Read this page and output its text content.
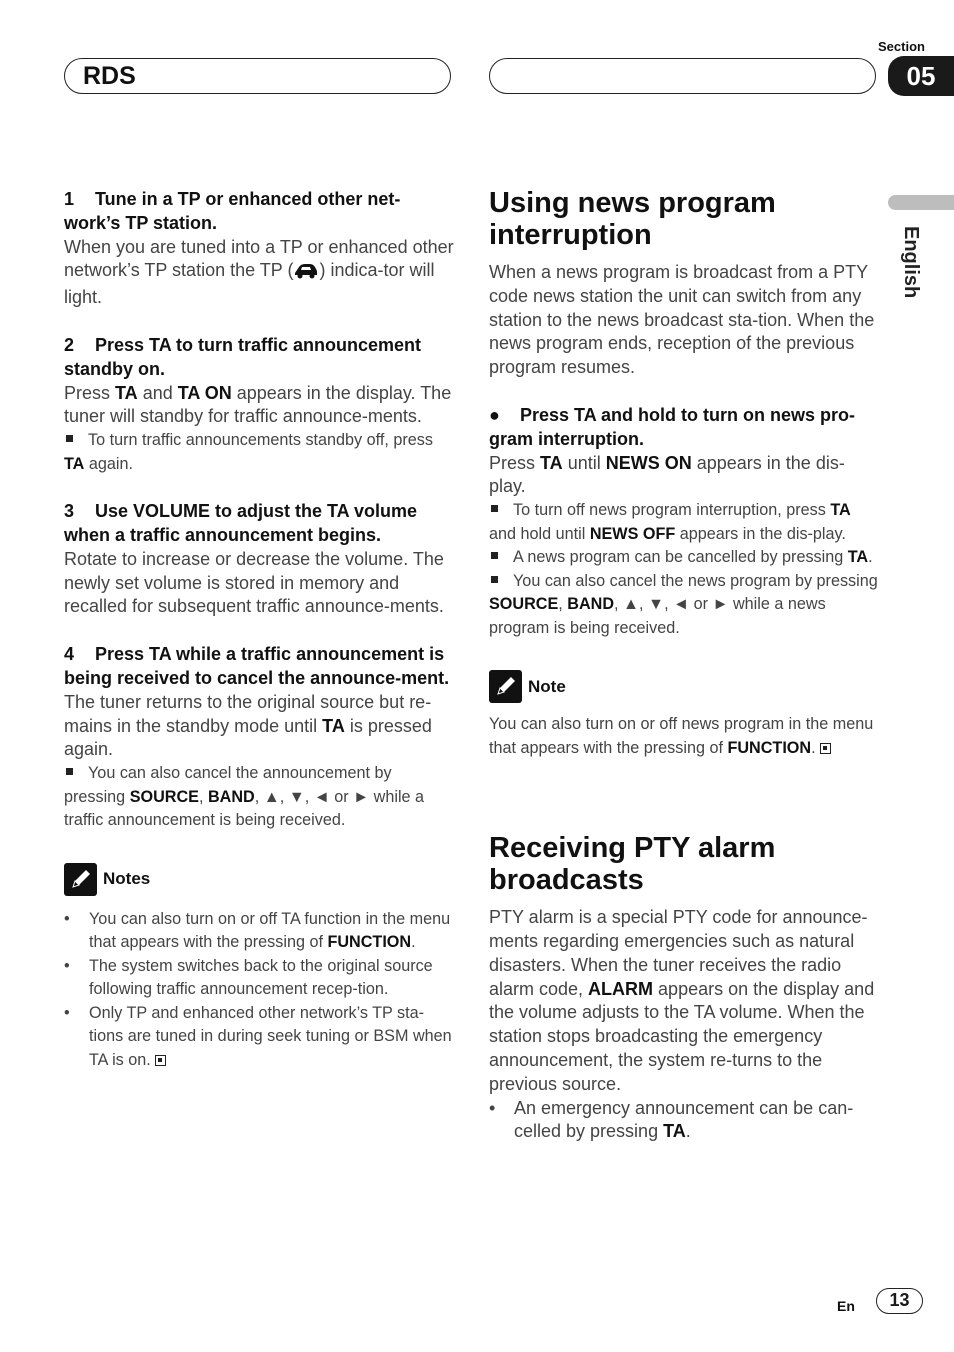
RDS
Section
05
English

1 Tune in a TP or enhanced other net-work’s TP station.

When you are tuned into a TP or enhanced other network’s TP station the TP ( ) indica-tor will light.

2 Press TA to turn traffic announcement standby on.

Press TA and TA ON appears in the display. The tuner will standby for traffic announce-ments.

To turn traffic announcements standby off, press TA again.

3 Use VOLUME to adjust the TA volume when a traffic announcement begins.

Rotate to increase or decrease the volume. The newly set volume is stored in memory and recalled for subsequent traffic announce-ments.

4 Press TA while a traffic announcement is being received to cancel the announce-ment.

The tuner returns to the original source but re-mains in the standby mode until TA is pressed again.

You can also cancel the announcement by pressing SOURCE, BAND, ▲, ▼, ◄ or ► while a traffic announcement is being received.

Notes
•	You can also turn on or off TA function in the menu that appears with the pressing of FUNCTION.
•	The system switches back to the original source following traffic announcement recep-tion.
•	Only TP and enhanced other network’s TP sta-tions are tuned in during seek tuning or BSM when TA is on.
Using news program interruption

When a news program is broadcast from a PTY code news station the unit can switch from any station to the news broadcast sta-tion. When the news program ends, reception of the previous program resumes.

● Press TA and hold to turn on news pro-gram interruption.

Press TA until NEWS ON appears in the dis-play.

To turn off news program interruption, press TA and hold until NEWS OFF appears in the dis-play.

A news program can be cancelled by pressing TA.

You can also cancel the news program by pressing SOURCE, BAND, ▲, ▼, ◄ or ► while a news program is being received.

Note

You can also turn on or off news program in the menu that appears with the pressing of FUNCTION.

Receiving PTY alarm broadcasts

PTY alarm is a special PTY code for announce-ments regarding emergencies such as natural disasters. When the tuner receives the radio alarm code, ALARM appears on the display and the volume adjusts to the TA volume. When the station stops broadcasting the emergency announcement, the system re-turns to the previous source.

•	An emergency announcement can be can-celled by pressing TA.
En	13
